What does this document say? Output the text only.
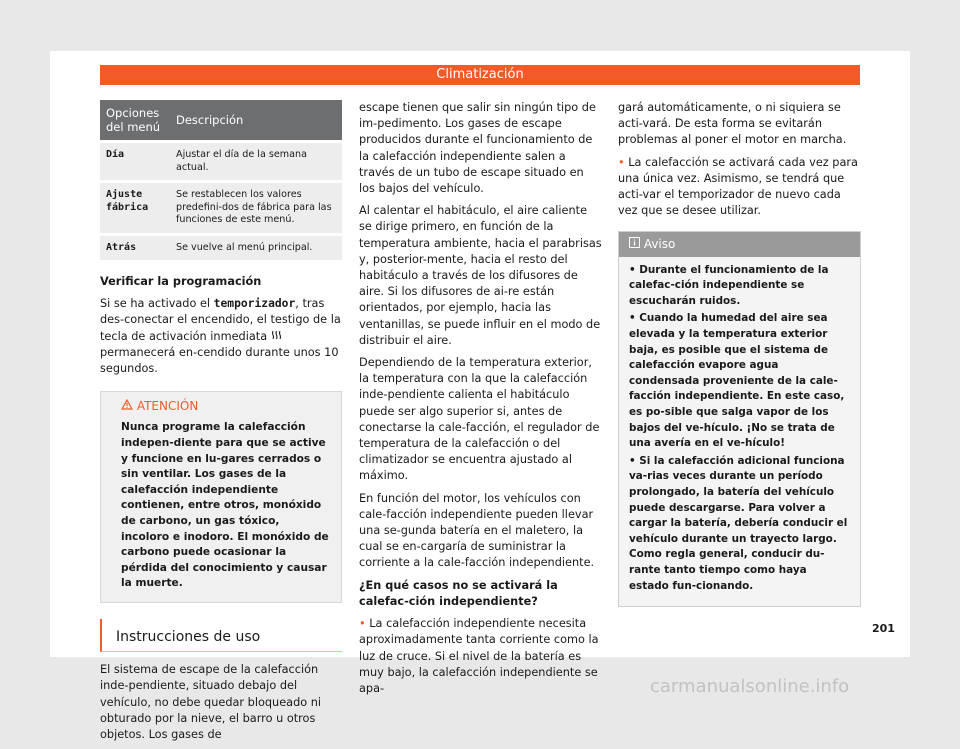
Climatización
Opciones del menú	Descripción
Día	Ajustar el día de la semana actual.
Ajuste fábrica	Se restablecen los valores predefini-dos de fábrica para las funciones de este menú.
Atrás	Se vuelve al menú principal.

Verificar la programación

Si se ha activado el temporizador, tras des-conectar el encendido, el testigo de la tecla de activación inmediata  permanecerá en-cendido durante unos 10 segundos.

ATENCIÓN
Nunca programe la calefacción indepen-diente para que se active y funcione en lu-gares cerrados o sin ventilar. Los gases de la calefacción independiente contienen, entre otros, monóxido de carbono, un gas tóxico, incoloro e inodoro. El monóxido de carbono puede ocasionar la pérdida del conocimiento y causar la muerte.
Instrucciones de uso

El sistema de escape de la calefacción inde-pendiente, situado debajo del vehículo, no debe quedar bloqueado ni obturado por la nieve, el barro u otros objetos. Los gases de

escape tienen que salir sin ningún tipo de im-pedimento. Los gases de escape producidos durante el funcionamiento de la calefacción independiente salen a través de un tubo de escape situado en los bajos del vehículo.

Al calentar el habitáculo, el aire caliente se dirige primero, en función de la temperatura ambiente, hacia el parabrisas y, posterior-mente, hacia el resto del habitáculo a través de los difusores de aire. Si los difusores de ai-re están orientados, por ejemplo, hacia las ventanillas, se puede influir en el modo de distribuir el aire.

Dependiendo de la temperatura exterior, la temperatura con la que la calefacción inde-pendiente calienta el habitáculo puede ser algo superior si, antes de conectarse la cale-facción, el regulador de temperatura de la calefacción o del climatizador se encuentra ajustado al máximo.

En función del motor, los vehículos con cale-facción independiente pueden llevar una se-gunda batería en el maletero, la cual se en-cargaría de suministrar la corriente a la cale-facción independiente.

¿En qué casos no se activará la calefac-ción independiente?

• La calefacción independiente necesita aproximadamente tanta corriente como la luz de cruce. Si el nivel de la batería es muy bajo, la calefacción independiente se apa-

gará automáticamente, o ni siquiera se acti-vará. De esta forma se evitarán problemas al poner el motor en marcha.

• La calefacción se activará cada vez para una única vez. Asimismo, se tendrá que acti-var el temporizador de nuevo cada vez que se desee utilizar.

Aviso

• Durante el funcionamiento de la calefac-ción independiente se escucharán ruidos.

• Cuando la humedad del aire sea elevada y la temperatura exterior baja, es posible que el sistema de calefacción evapore agua condensada proveniente de la cale-facción independiente. En este caso, es po-sible que salga vapor de los bajos del ve-hículo. ¡No se trata de una avería en el ve-hículo!

• Si la calefacción adicional funciona va-rias veces durante un período prolongado, la batería del vehículo puede descargarse. Para volver a cargar la batería, debería conducir el vehículo durante un trayecto largo. Como regla general, conducir du-rante tanto tiempo como haya estado fun-cionando.

201
carmanualsonline.info
